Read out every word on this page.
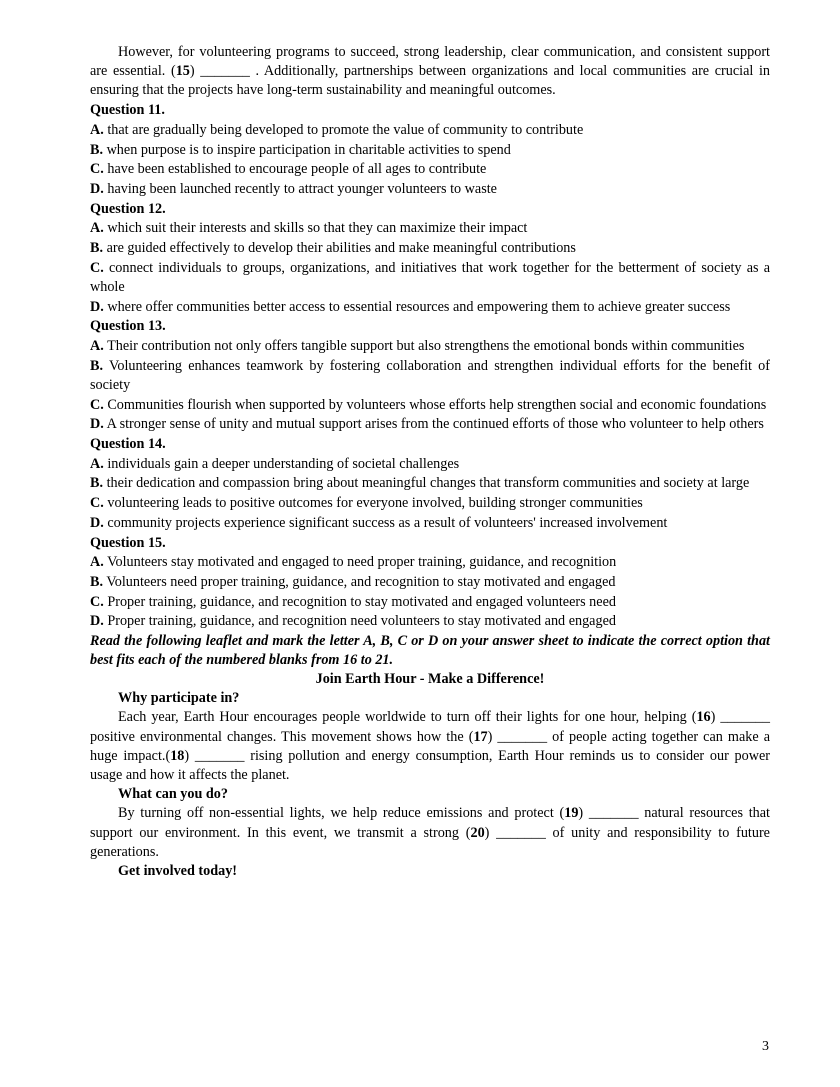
However, for volunteering programs to succeed, strong leadership, clear communication, and consistent support are essential. (15) _______ . Additionally, partnerships between organizations and local communities are crucial in ensuring that the projects have long-term sustainability and meaningful outcomes.

Question 11.

A. that are gradually being developed to promote the value of community to contribute

B. when purpose is to inspire participation in charitable activities to spend

C. have been established to encourage people of all ages to contribute

D. having been launched recently to attract younger volunteers to waste

Question 12.

A. which suit their interests and skills so that they can maximize their impact

B. are guided effectively to develop their abilities and make meaningful contributions

C. connect individuals to groups, organizations, and initiatives that work together for the betterment of society as a whole

D. where offer communities better access to essential resources and empowering them to achieve greater success

Question 13.

A. Their contribution not only offers tangible support but also strengthens the emotional bonds within communities

B. Volunteering enhances teamwork by fostering collaboration and strengthen individual efforts for the benefit of society

C. Communities flourish when supported by volunteers whose efforts help strengthen social and economic foundations

D. A stronger sense of unity and mutual support arises from the continued efforts of those who volunteer to help others

Question 14.

A. individuals gain a deeper understanding of societal challenges

B. their dedication and compassion bring about meaningful changes that transform communities and society at large

C. volunteering leads to positive outcomes for everyone involved, building stronger communities

D. community projects experience significant success as a result of volunteers' increased involvement

Question 15.

A. Volunteers stay motivated and engaged to need proper training, guidance, and recognition

B. Volunteers need proper training, guidance, and recognition to stay motivated and engaged

C. Proper training, guidance, and recognition to stay motivated and engaged volunteers need

D. Proper training, guidance, and recognition need volunteers to stay motivated and engaged

Read the following leaflet and mark the letter A, B, C or D on your answer sheet to indicate the correct option that best fits each of the numbered blanks from 16 to 21.

Join Earth Hour - Make a Difference!

Why participate in?

Each year, Earth Hour encourages people worldwide to turn off their lights for one hour, helping (16) _______ positive environmental changes. This movement shows how the (17) _______ of people acting together can make a huge impact.(18) _______ rising pollution and energy consumption, Earth Hour reminds us to consider our power usage and how it affects the planet.

What can you do?

By turning off non-essential lights, we help reduce emissions and protect (19) _______ natural resources that support our environment. In this event, we transmit a strong (20) _______ of unity and responsibility to future generations.

Get involved today!

3
